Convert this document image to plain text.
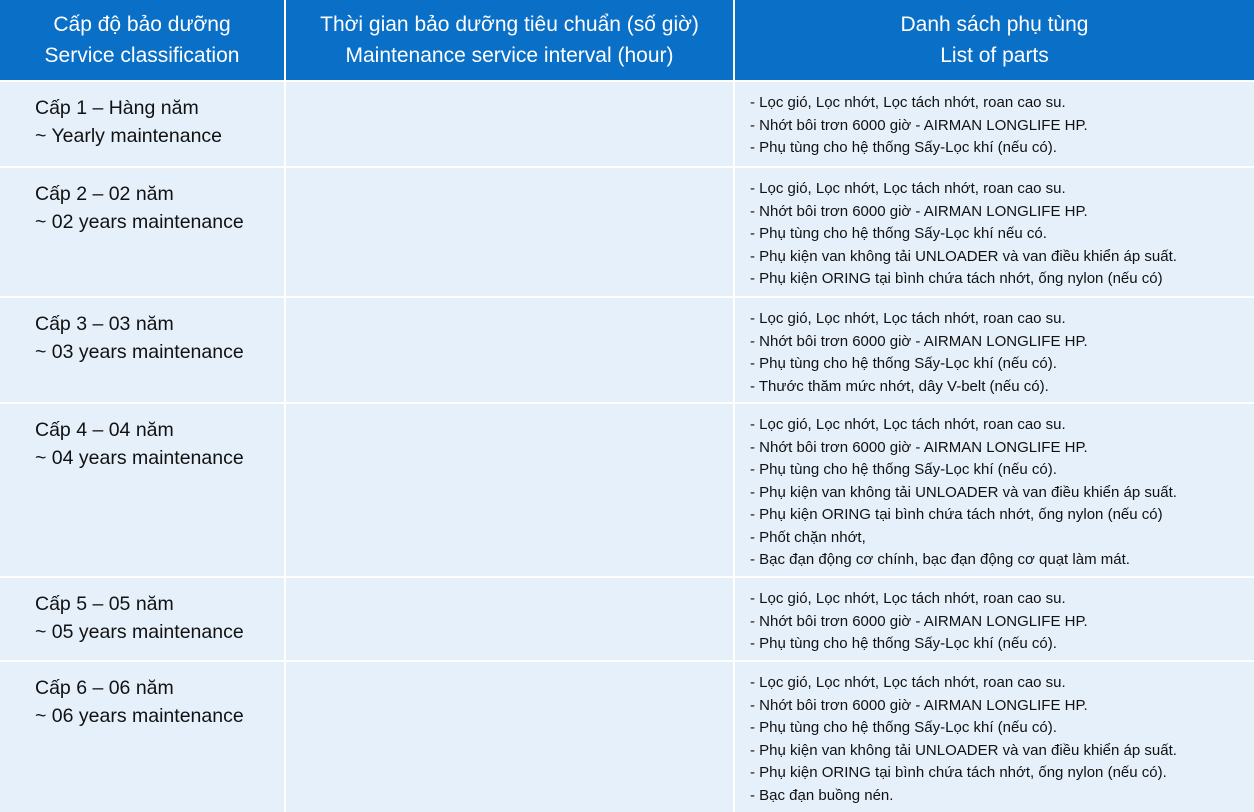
Cấp độ bảo dưỡng
Service classification
Thời gian bảo dưỡng tiêu chuẩn (số giờ)
Maintenance service interval (hour)
Danh sách phụ tùng
List of parts
Cấp 1 – Hàng năm
~ Yearly maintenance
- Lọc gió, Lọc nhớt, Lọc tách nhớt, roan cao su.
- Nhớt bôi trơn 6000 giờ - AIRMAN LONGLIFE HP.
- Phụ tùng cho hệ thống Sấy-Lọc khí (nếu có).
Cấp 2 – 02 năm
~ 02 years maintenance
- Lọc gió, Lọc nhớt, Lọc tách nhớt, roan cao su.
- Nhớt bôi trơn 6000 giờ - AIRMAN LONGLIFE HP.
- Phụ tùng cho hệ thống Sấy-Lọc khí nếu có.
- Phụ kiện van không tải UNLOADER và van điều khiển áp suất.
- Phụ kiện ORING tại bình chứa tách nhớt, ống nylon (nếu có)
Cấp 3 – 03 năm
~ 03 years maintenance
- Lọc gió, Lọc nhớt, Lọc tách nhớt, roan cao su.
- Nhớt bôi trơn 6000 giờ - AIRMAN LONGLIFE HP.
- Phụ tùng cho hệ thống Sấy-Lọc khí (nếu có).
- Thước thăm mức nhớt, dây V-belt (nếu có).
Cấp 4 – 04 năm
~ 04 years maintenance
- Lọc gió, Lọc nhớt, Lọc tách nhớt, roan cao su.
- Nhớt bôi trơn 6000 giờ - AIRMAN LONGLIFE HP.
- Phụ tùng cho hệ thống Sấy-Lọc khí (nếu có).
- Phụ kiện van không tải UNLOADER và van điều khiển áp suất.
- Phụ kiện ORING tại bình chứa tách nhớt, ống nylon (nếu có)
- Phốt chặn nhớt,
- Bạc đạn động cơ chính, bạc đạn động cơ quạt làm mát.
Cấp 5 – 05 năm
~ 05 years maintenance
- Lọc gió, Lọc nhớt, Lọc tách nhớt, roan cao su.
- Nhớt bôi trơn 6000 giờ - AIRMAN LONGLIFE HP.
- Phụ tùng cho hệ thống Sấy-Lọc khí (nếu có).
Cấp 6 – 06 năm
~ 06 years maintenance
- Lọc gió, Lọc nhớt, Lọc tách nhớt, roan cao su.
- Nhớt bôi trơn 6000 giờ - AIRMAN LONGLIFE HP.
- Phụ tùng cho hệ thống Sấy-Lọc khí (nếu có).
- Phụ kiện van không tải UNLOADER và van điều khiển áp suất.
- Phụ kiện ORING tại bình chứa tách nhớt, ống nylon (nếu có).
- Bạc đạn buồng nén.
